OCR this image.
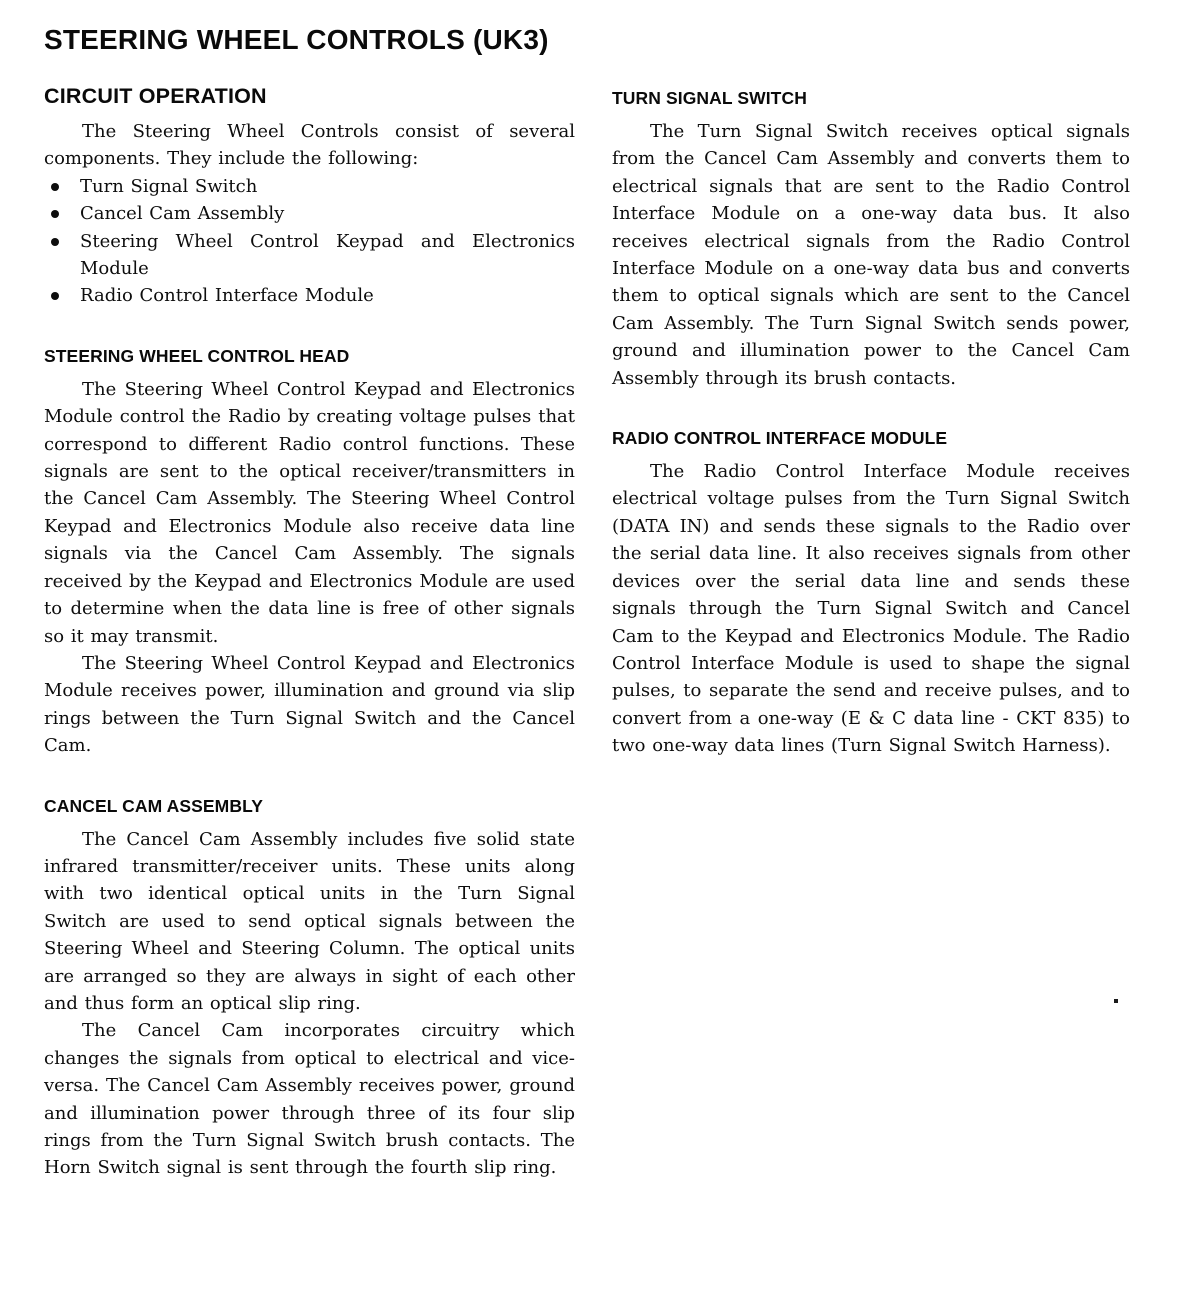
STEERING WHEEL CONTROLS (UK3)
CIRCUIT OPERATION

The Steering Wheel Controls consist of several components. They include the following:

Turn Signal Switch
Cancel Cam Assembly
Steering Wheel Control Keypad and Electronics Module
Radio Control Interface Module
STEERING WHEEL CONTROL HEAD

The Steering Wheel Control Keypad and Electronics Module control the Radio by creating voltage pulses that correspond to different Radio control functions. These signals are sent to the optical receiver/transmitters in the Cancel Cam Assembly. The Steering Wheel Control Keypad and Electronics Module also receive data line signals via the Cancel Cam Assembly. The signals received by the Keypad and Electronics Module are used to determine when the data line is free of other signals so it may transmit.

The Steering Wheel Control Keypad and Electronics Module receives power, illumination and ground via slip rings between the Turn Signal Switch and the Cancel Cam.

CANCEL CAM ASSEMBLY

The Cancel Cam Assembly includes five solid state infrared transmitter/receiver units. These units along with two identical optical units in the Turn Signal Switch are used to send optical signals between the Steering Wheel and Steering Column. The optical units are arranged so they are always in sight of each other and thus form an optical slip ring.

The Cancel Cam incorporates circuitry which changes the signals from optical to electrical and vice-versa. The Cancel Cam Assembly receives power, ground and illumination power through three of its four slip rings from the Turn Signal Switch brush contacts. The Horn Switch signal is sent through the fourth slip ring.

TURN SIGNAL SWITCH

The Turn Signal Switch receives optical signals from the Cancel Cam Assembly and converts them to electrical signals that are sent to the Radio Control Interface Module on a one-way data bus. It also receives electrical signals from the Radio Control Interface Module on a one-way data bus and converts them to optical signals which are sent to the Cancel Cam Assembly. The Turn Signal Switch sends power, ground and illumination power to the Cancel Cam Assembly through its brush contacts.

RADIO CONTROL INTERFACE MODULE

The Radio Control Interface Module receives electrical voltage pulses from the Turn Signal Switch (DATA IN) and sends these signals to the Radio over the serial data line. It also receives signals from other devices over the serial data line and sends these signals through the Turn Signal Switch and Cancel Cam to the Keypad and Electronics Module. The Radio Control Interface Module is used to shape the signal pulses, to separate the send and receive pulses, and to convert from a one-way (E & C data line - CKT 835) to two one-way data lines (Turn Signal Switch Harness).
